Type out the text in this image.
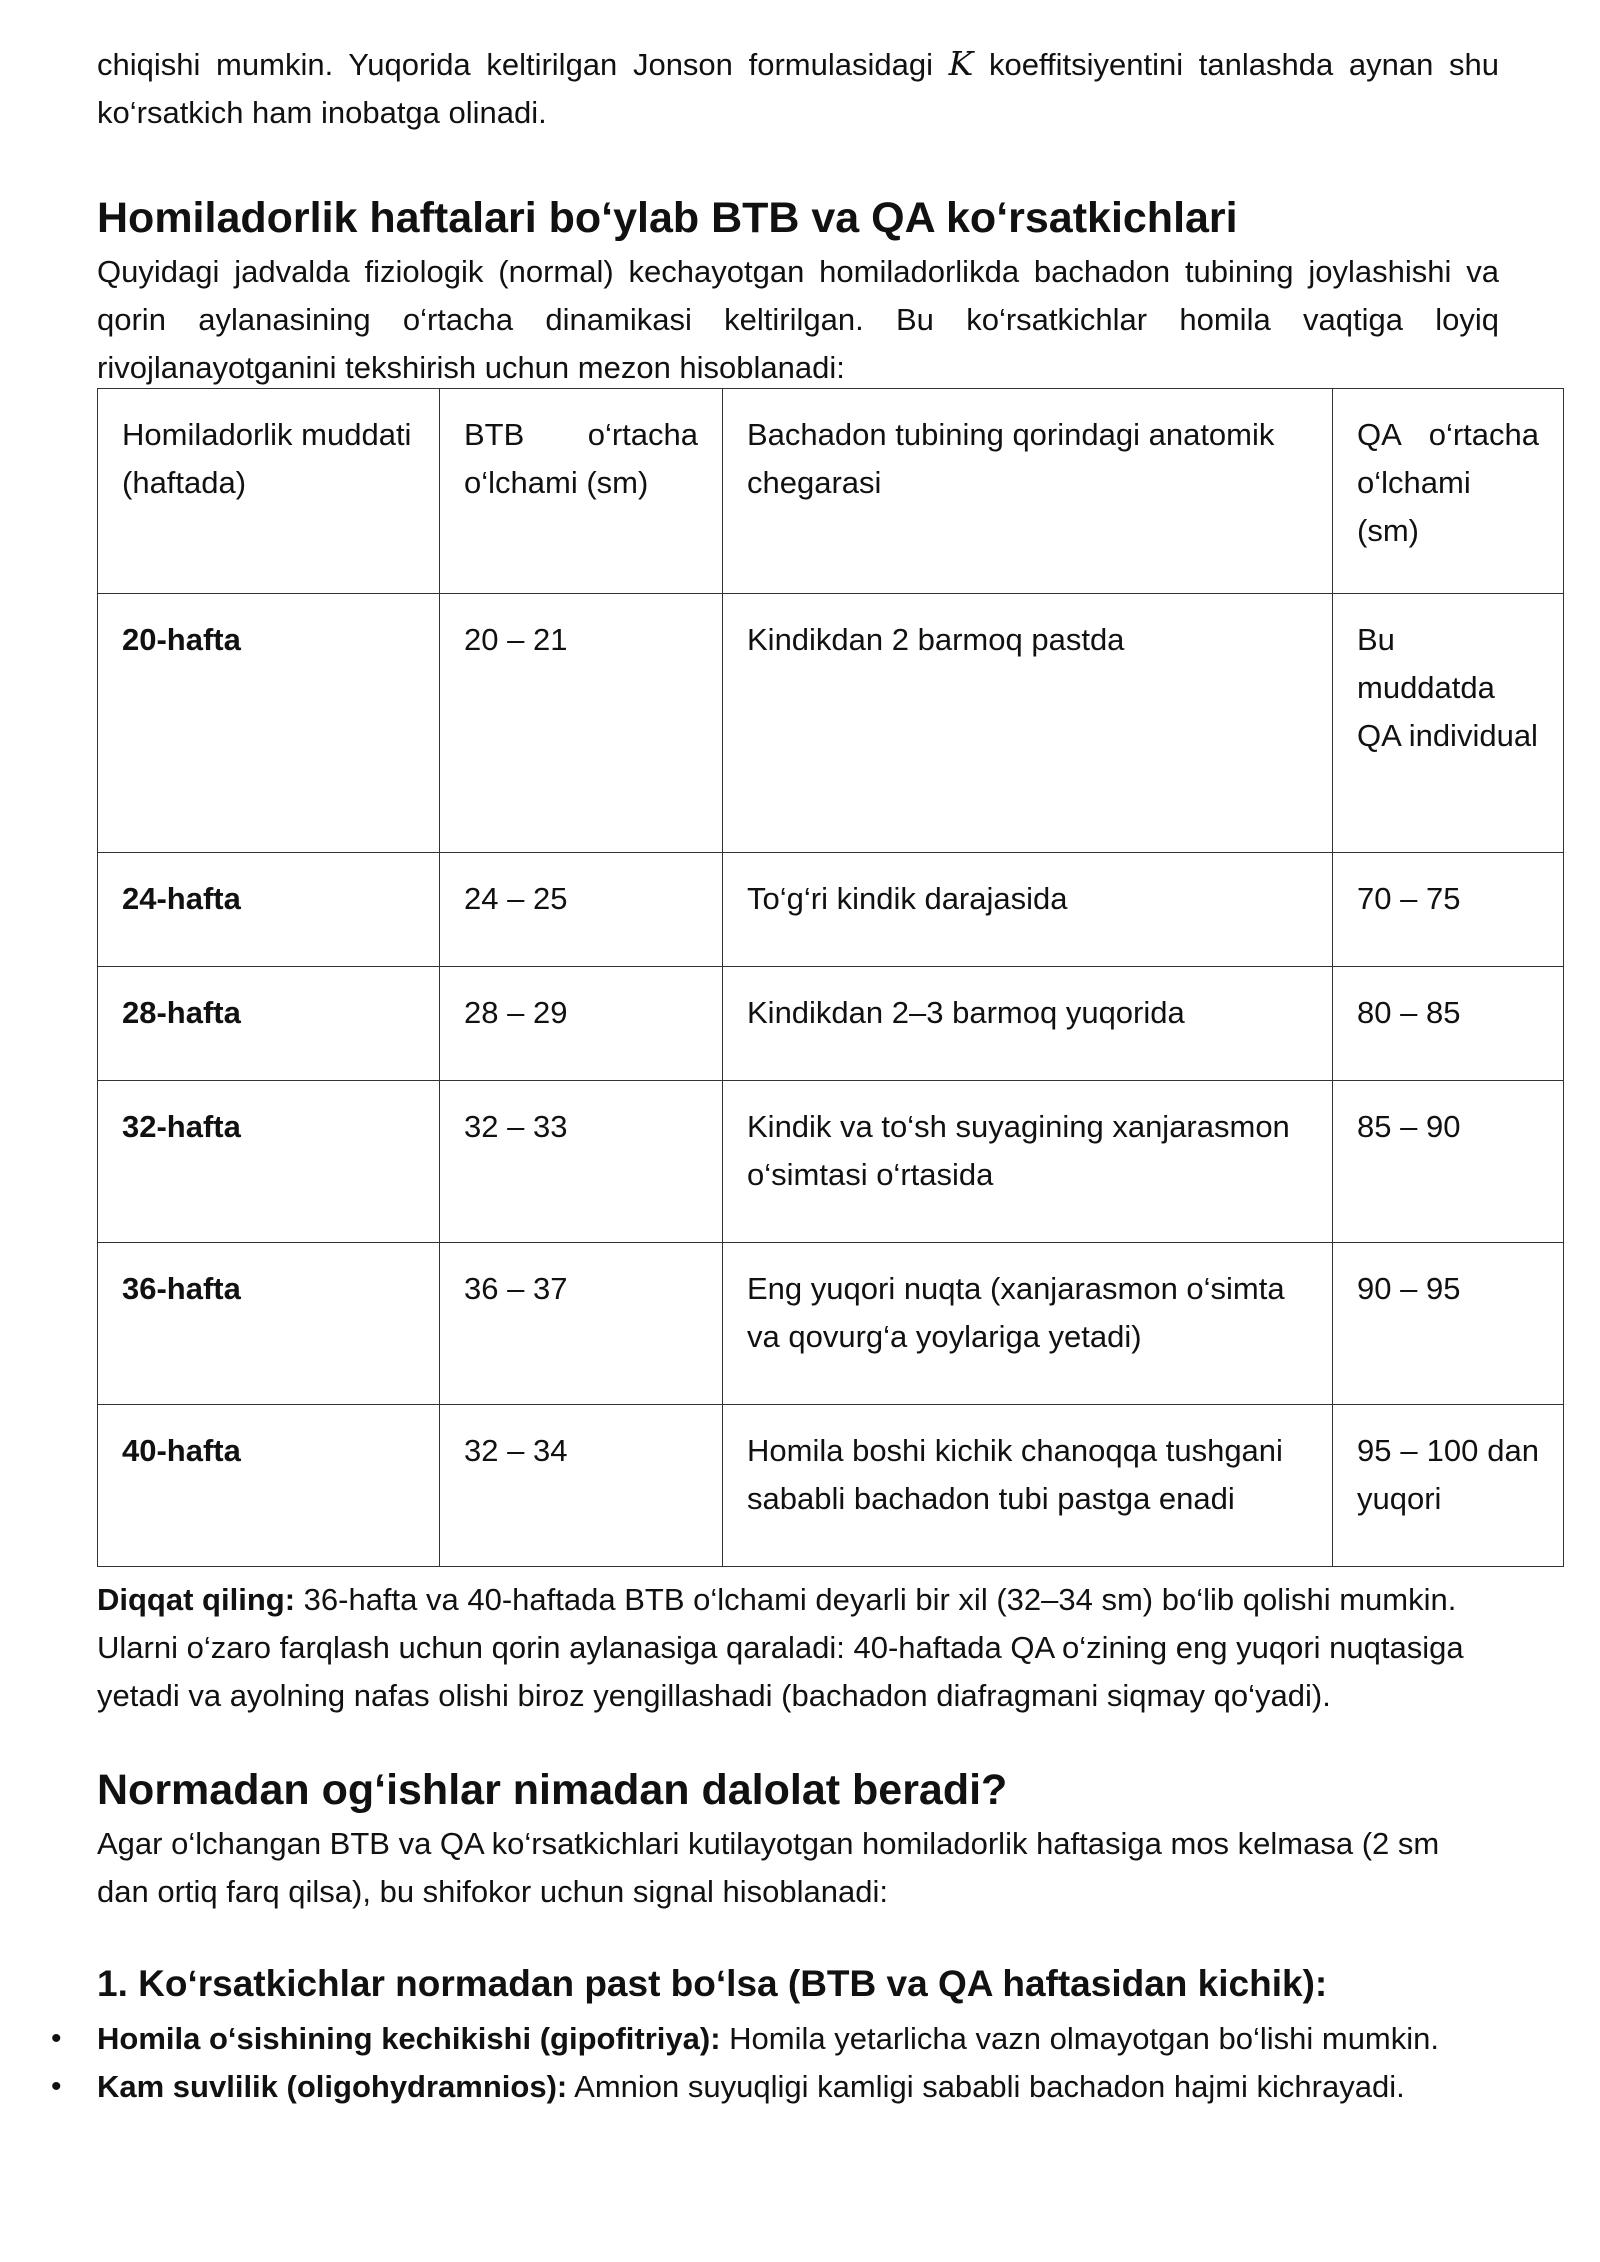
chiqishi mumkin. Yuqorida keltirilgan Jonson formulasidagi K koeffitsiyentini tanlashda aynan shu ko‘rsatkich ham inobatga olinadi.

Homiladorlik haftalari bo‘ylab BTB va QA ko‘rsatkichlari

Quyidagi jadvalda fiziologik (normal) kechayotgan homiladorlikda bachadon tubining joylashishi va qorin aylanasining o‘rtacha dinamikasi keltirilgan. Bu ko‘rsatkichlar homila vaqtiga loyiq rivojlanayotganini tekshirish uchun mezon hisoblanadi:

Homiladorlik muddati (haftada)	BTB o‘rtacha o‘lchami (sm)	Bachadon tubining qorindagi anatomik chegarasi	QA o‘rtacha o‘lchami (sm)
20-hafta	20 – 21	Kindikdan 2 barmoq pastda	Bu muddatda QA individual
24-hafta	24 – 25	To‘g‘ri kindik darajasida	70 – 75
28-hafta	28 – 29	Kindikdan 2–3 barmoq yuqorida	80 – 85
32-hafta	32 – 33	Kindik va to‘sh suyagining xanjarasmon o‘simtasi o‘rtasida	85 – 90
36-hafta	36 – 37	Eng yuqori nuqta (xanjarasmon o‘simta va qovurg‘a yoylariga yetadi)	90 – 95
40-hafta	32 – 34	Homila boshi kichik chanoqqa tushgani sababli bachadon tubi pastga enadi	95 – 100 dan yuqori

Diqqat qiling: 36-hafta va 40-haftada BTB o‘lchami deyarli bir xil (32–34 sm) bo‘lib qolishi mumkin. Ularni o‘zaro farqlash uchun qorin aylanasiga qaraladi: 40-haftada QA o‘zining eng yuqori nuqtasiga yetadi va ayolning nafas olishi biroz yengillashadi (bachadon diafragmani siqmay qo‘yadi).

Normadan og‘ishlar nimadan dalolat beradi?

Agar o‘lchangan BTB va QA ko‘rsatkichlari kutilayotgan homiladorlik haftasiga mos kelmasa (2 sm dan ortiq farq qilsa), bu shifokor uchun signal hisoblanadi:

1. Ko‘rsatkichlar normadan past bo‘lsa (BTB va QA haftasidan kichik):
• Homila o‘sishining kechikishi (gipofitriya): Homila yetarlicha vazn olmayotgan bo‘lishi mumkin.
• Kam suvlilik (oligohydramnios): Amnion suyuqligi kamligi sababli bachadon hajmi kichrayadi.
